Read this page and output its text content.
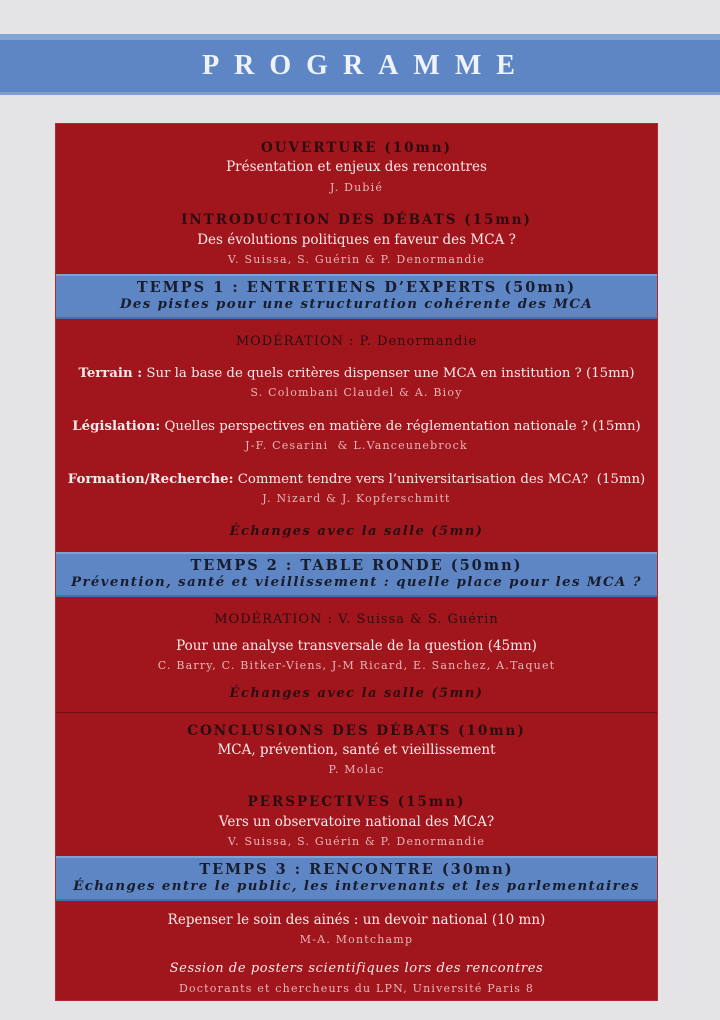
PROGRAMME
OUVERTURE (10mn)
Présentation et enjeux des rencontres
J. Dubié
INTRODUCTION DES DÉBATS (15mn)
Des évolutions politiques en faveur des MCA ?
V. Suissa, S. Guérin & P. Denormandie
TEMPS 1 : ENTRETIENS D’EXPERTS (50mn)
Des pistes pour une structuration cohérente des MCA
MODÉRATION : P. Denormandie
Terrain : Sur la base de quels critères dispenser une MCA en institution ? (15mn)
S. Colombani Claudel & A. Bioy
Législation: Quelles perspectives en matière de réglementation nationale ? (15mn)
J-F. Cesarini  & L.Vanceunebrock
Formation/Recherche: Comment tendre vers l’universitarisation des MCA?  (15mn)
J. Nizard & J. Kopferschmitt
Échanges avec la salle (5mn)
TEMPS 2 : TABLE RONDE (50mn)
Prévention, santé et vieillissement : quelle place pour les MCA ?
MODÉRATION : V. Suissa & S. Guérin
Pour une analyse transversale de la question (45mn)
C. Barry, C. Bitker-Viens, J-M Ricard, E. Sanchez, A.Taquet
Échanges avec la salle (5mn)
CONCLUSIONS DES DÉBATS (10mn)
MCA, prévention, santé et vieillissement
P. Molac
PERSPECTIVES (15mn)
Vers un observatoire national des MCA?
V. Suissa, S. Guérin & P. Denormandie
TEMPS 3 : RENCONTRE (30mn)
Échanges entre le public, les intervenants et les parlementaires
Repenser le soin des ainés : un devoir national (10 mn)
M-A. Montchamp
Session de posters scientifiques lors des rencontres
Doctorants et chercheurs du LPN, Université Paris 8
